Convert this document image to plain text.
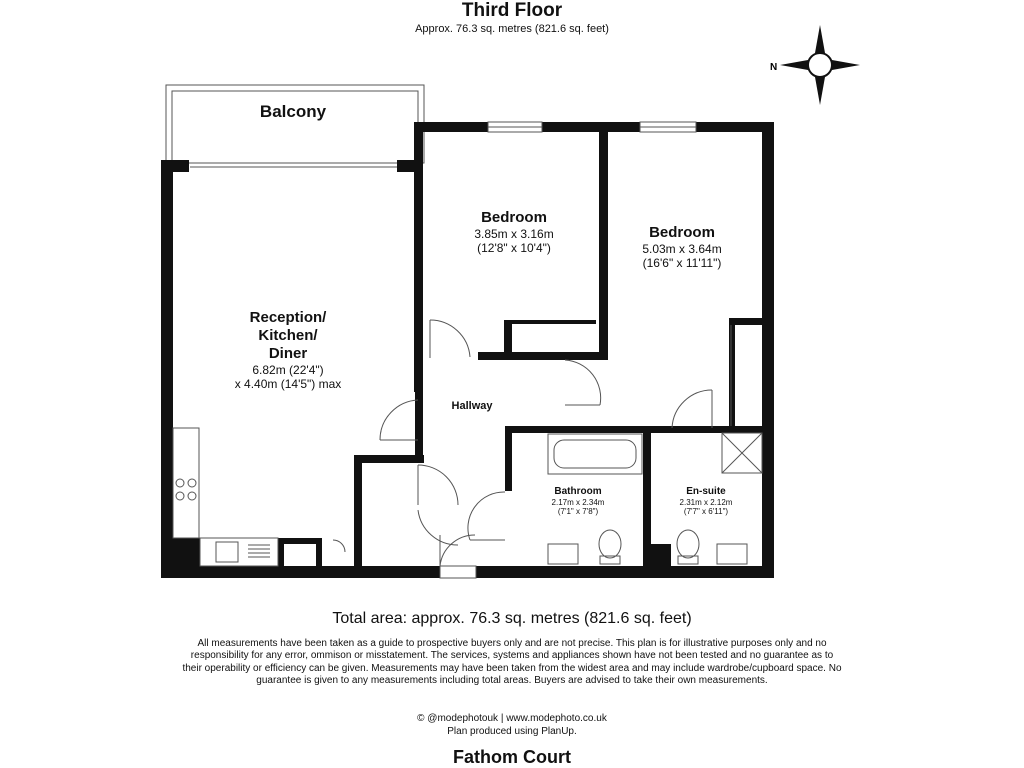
Third Floor
Approx. 76.3 sq. metres (821.6 sq. feet)
N
Balcony
Reception/
Kitchen/
Diner
6.82m (22'4")
x 4.40m (14'5") max
Bedroom
3.85m x 3.16m
(12'8" x 10'4")
Bedroom
5.03m x 3.64m
(16'6" x 11'11")
Hallway
Bathroom
2.17m x 2.34m
(7'1" x 7'8")
En-suite
2.31m x 2.12m
(7'7" x 6'11")
Total area: approx. 76.3 sq. metres (821.6 sq. feet)
All measurements have been taken as a guide to prospective buyers only and are not precise. This plan is for illustrative purposes only and no responsibility for any error, ommison or misstatement. The services, systems and appliances shown have not been tested and no guarantee as to their operability or efficiency can be given. Measurements may have been taken from the widest area and may include wardrobe/cupboard space. No guarantee is given to any measurements including total areas. Buyers are advised to take their own measurements.
© @modephotouk | www.modephoto.co.uk
Plan produced using PlanUp.
Fathom Court
